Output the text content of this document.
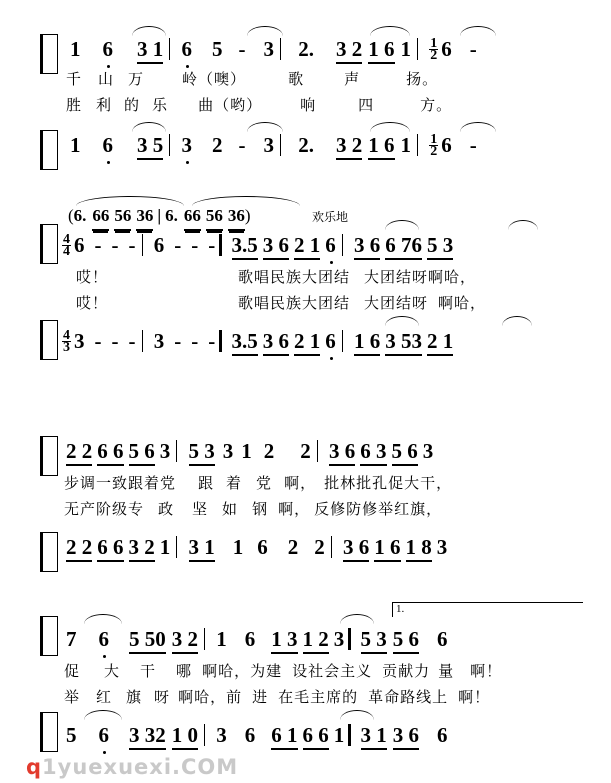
1 6 3 1 6 5 - 3 2. 3 2 1 6 $1 \frac{1}{2} 6$ -
千 山 万	岭（噢）	歌	声	扬。
胜 利 的 乐 曲（哟）	响	四	方。
1 6 3 5 3 2 - 3 2. 3 2 1 6 $1 \frac{1}{2} 6$ -
(6. 66 56 36 | 6. 66 56 36)	欢乐地
$\frac{4}{4} 6$ - - - 6 - - - 3.5 3 6 2 1 6 3 6 6 76 5 3
哎！	歌唱民族大团结 大团结呀啊哈，
哎！	歌唱民族大团结 大团结呀 啊哈，
$\frac{4}{3} 3$ - - - 3 - - - 3.5 3 6 2 1 6 1 6 3 53 2 1
2 2 6 6 5 6 3 5 3 3 1 2 2 3 6 6 3 5 6 3
步调一致跟着党 跟 着 党 啊， 批林批孔促大干，
无产阶级专 政 坚 如 钢 啊， 反修防修举红旗，
2 2 6 6 3 2 1 3 1 1 6 2 2 3 6 1 6 1 8 3
1.
7 6 5 50 3 2 1 6 1 3 1 2 3 5 3 5 6 6
促 大 干 哪 啊哈，为建 设社会主义 贡献力 量 啊！
举 红 旗 呀 啊哈，前 进 在毛主席的 革命路线上 啊！
5 6 3 32 1 0 3 6 6 1 6 6 1 3 1 3 6 6
q1yuexuexi.COM
